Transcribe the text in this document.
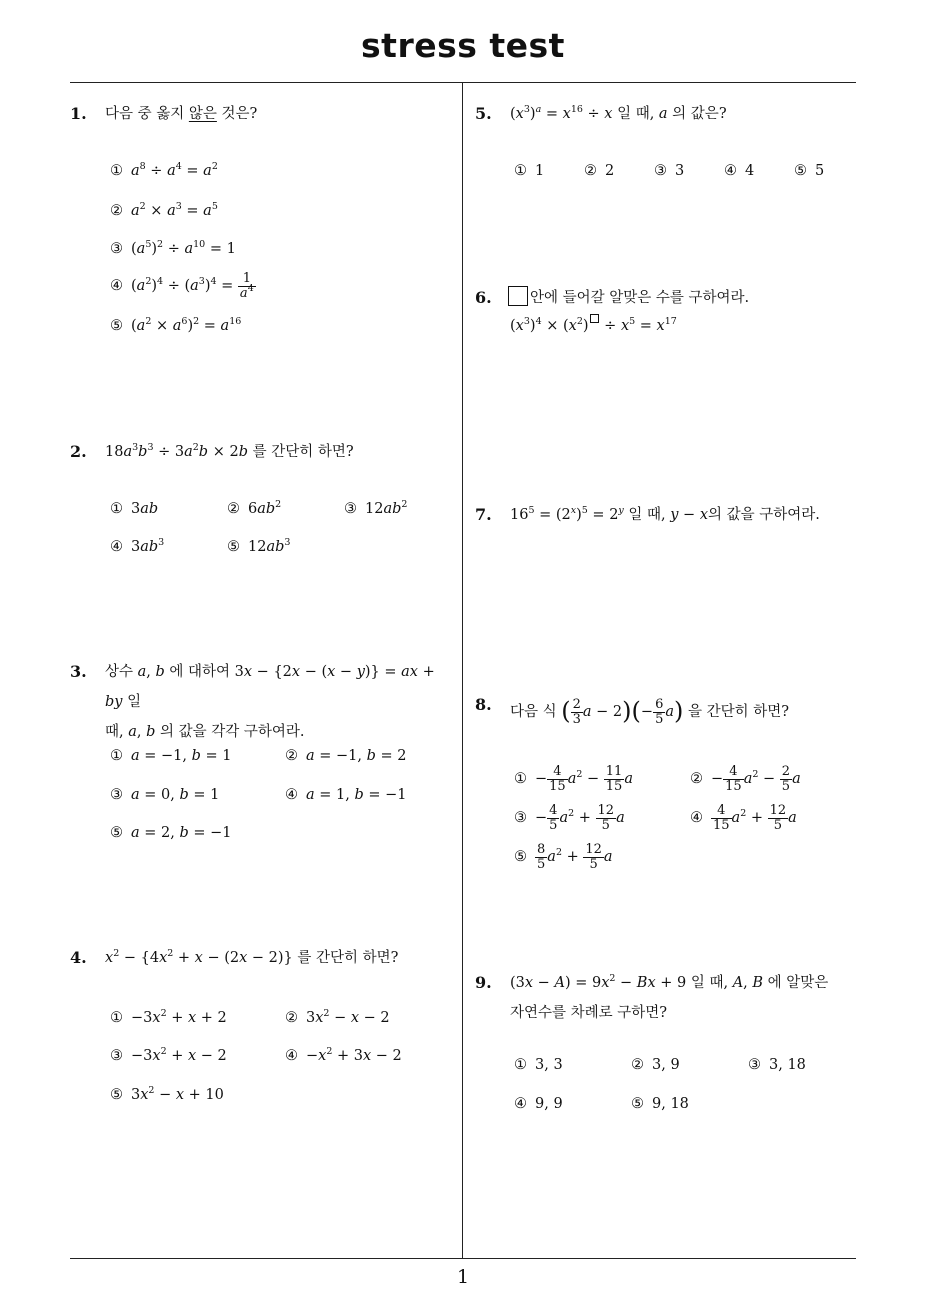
stress test
1
1. 다음 중 옳지 않은 것은?
① $a^8 \div a^4 = a^2$
② $a^2 \times a^3 = a^5$
③ $(a^5)^2 \div a^{10} = 1$
④ $(a^2)^4 \div (a^3)^4 = \frac{1}{a^4}$
⑤ $(a^2 \times a^6)^2 = a^{16}$
2. $18a^3b^3 \div 3a^2b \times 2b$ 를 간단히 하면?
① 3ab	② $6ab^2$	③ $12ab^2$
④ $3ab^3$	⑤ $12ab^3$
3. 상수 a, b 에 대하여 3x − {2x − (x − y)} = ax + by 일
때, a, b 의 값을 각각 구하여라.
① a = −1, b = 1	② a = −1, b = 2
③ a = 0, b = 1	④ a = 1, b = −1
⑤ a = 2, b = −1
4. $x^2 - \{4x^2 + x - (2x - 2)\}$ 를 간단히 하면?
① $-3x^2 + x + 2$	② $3x^2 - x - 2$
③ $-3x^2 + x - 2$	④ $-x^2 + 3x - 2$
⑤ $3x^2 - x + 10$
5. $(x^3)^a = x^{16} \div x$ 일 때, a 의 값은?
① 1	② 2	③ 3	④ 4	⑤ 5
6.	안에 들어갈 알맞은 수를 구하여라.
$(x^3)^4 \times (x^2) \div x^5 = x^{17}$
7. $16^5 = (2^x)^5 = 2^y$ 일 때, y − x의 값을 구하여라.
8. 다음 식 ( $\frac{2}{3}$ $a - 2)(- \frac{6}{5} a)$ 을 간단히 하면?
① − $\frac{4}{15} a^2 - \frac{11}{15}$ a	② − $\frac{4}{15} a^2 - \frac{2}{5}$ a
③ − $\frac{4}{5} a^2 + \frac{12}{5}$ a	④ $\frac{4}{15} a^2 + \frac{12}{5}$ a
⑤ $\frac{8}{5} a^2 + \frac{12}{5}$ a
9. $(3x - A) = 9x^2 - Bx + 9$ 일 때, A, B 에 알맞은
자연수를 차례로 구하면?
① 3, 3	② 3, 9	③ 3, 18
④ 9, 9	⑤ 9, 18
